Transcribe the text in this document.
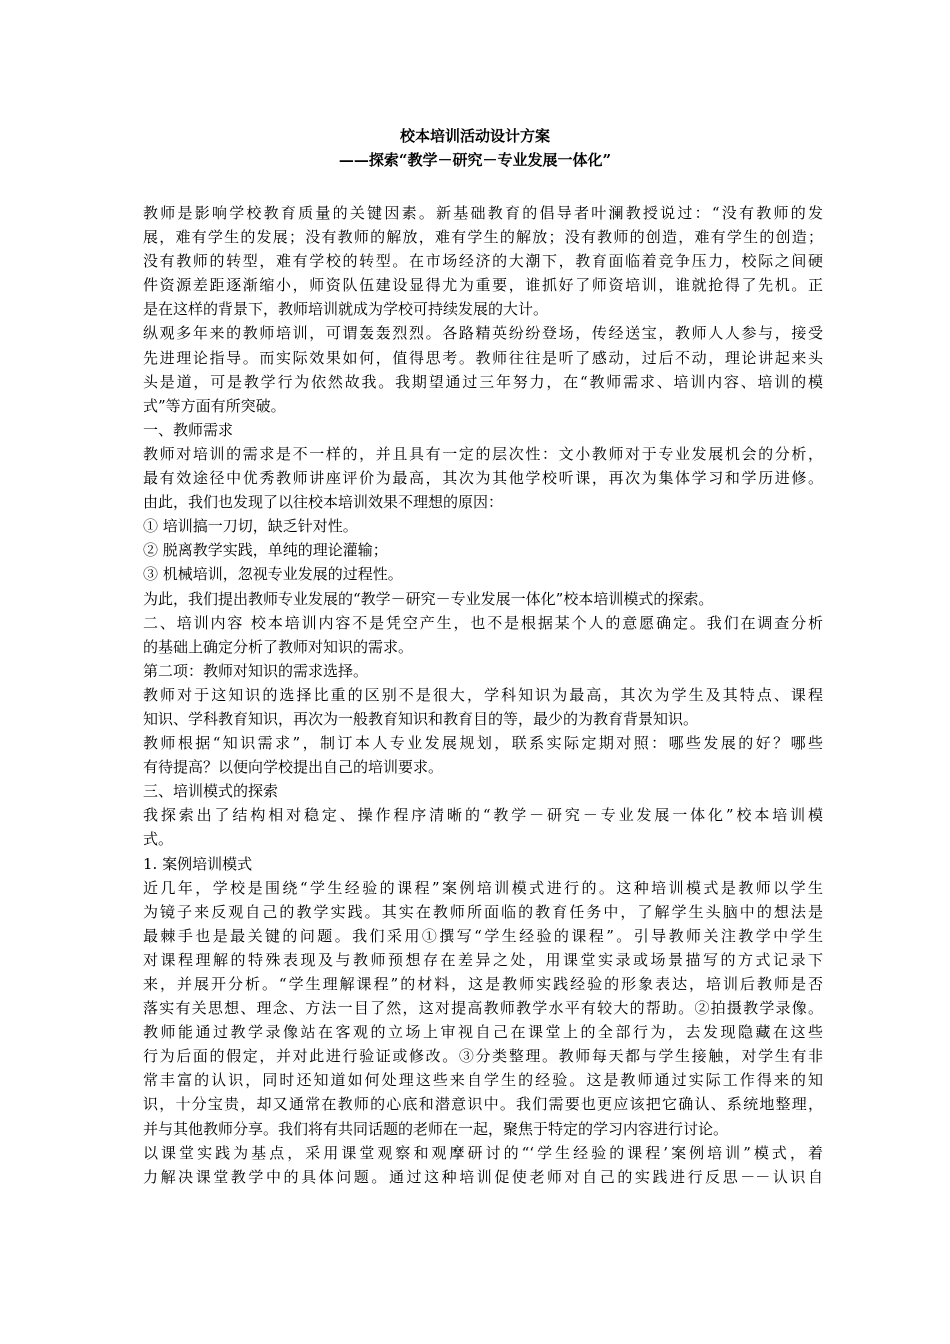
校本培训活动设计方案
——探索“教学－研究－专业发展一体化”
教师是影响学校教育质量的关键因素。新基础教育的倡导者叶澜教授说过：“没有教师的发
展，难有学生的发展；没有教师的解放，难有学生的解放；没有教师的创造，难有学生的创造；
没有教师的转型，难有学校的转型。在市场经济的大潮下，教育面临着竞争压力，校际之间硬
件资源差距逐渐缩小，师资队伍建设显得尤为重要，谁抓好了师资培训，谁就抢得了先机。正
是在这样的背景下，教师培训就成为学校可持续发展的大计。
纵观多年来的教师培训，可谓轰轰烈烈。各路精英纷纷登场，传经送宝，教师人人参与，接受
先进理论指导。而实际效果如何，值得思考。教师往往是听了感动，过后不动，理论讲起来头
头是道，可是教学行为依然故我。我期望通过三年努力，在“教师需求、培训内容、培训的模
式”等方面有所突破。
一、教师需求
教师对培训的需求是不一样的，并且具有一定的层次性：文小教师对于专业发展机会的分析，
最有效途径中优秀教师讲座评价为最高，其次为其他学校听课，再次为集体学习和学历进修。
由此，我们也发现了以往校本培训效果不理想的原因：
① 培训搞一刀切，缺乏针对性。
② 脱离教学实践，单纯的理论灌输；
③ 机械培训，忽视专业发展的过程性。
为此，我们提出教师专业发展的“教学－研究－专业发展一体化”校本培训模式的探索。
二、培训内容 校本培训内容不是凭空产生，也不是根据某个人的意愿确定。我们在调查分析
的基础上确定分析了教师对知识的需求。
第二项：教师对知识的需求选择。
教师对于这知识的选择比重的区别不是很大，学科知识为最高，其次为学生及其特点、课程
知识、学科教育知识，再次为一般教育知识和教育目的等，最少的为教育背景知识。
教师根据“知识需求”，制订本人专业发展规划，联系实际定期对照：哪些发展的好？哪些
有待提高？以便向学校提出自己的培训要求。
三、培训模式的探索
我探索出了结构相对稳定、操作程序清晰的“教学－研究－专业发展一体化”校本培训模
式。
1. 案例培训模式
近几年，学校是围绕“学生经验的课程”案例培训模式进行的。这种培训模式是教师以学生
为镜子来反观自己的教学实践。其实在教师所面临的教育任务中，了解学生头脑中的想法是
最棘手也是最关键的问题。我们采用①撰写“学生经验的课程”。引导教师关注教学中学生
对课程理解的特殊表现及与教师预想存在差异之处，用课堂实录或场景描写的方式记录下
来，并展开分析。“学生理解课程”的材料，这是教师实践经验的形象表达，培训后教师是否
落实有关思想、理念、方法一目了然，这对提高教师教学水平有较大的帮助。②拍摄教学录像。
教师能通过教学录像站在客观的立场上审视自己在课堂上的全部行为，去发现隐藏在这些
行为后面的假定，并对此进行验证或修改。③分类整理。教师每天都与学生接触，对学生有非
常丰富的认识，同时还知道如何处理这些来自学生的经验。这是教师通过实际工作得来的知
识，十分宝贵，却又通常在教师的心底和潜意识中。我们需要也更应该把它确认、系统地整理，
并与其他教师分享。我们将有共同话题的老师在一起，聚焦于特定的学习内容进行讨论。
以课堂实践为基点，采用课堂观察和观摩研讨的“‘学生经验的课程’案例培训”模式，着
力解决课堂教学中的具体问题。通过这种培训促使老师对自己的实践进行反思－－认识自
